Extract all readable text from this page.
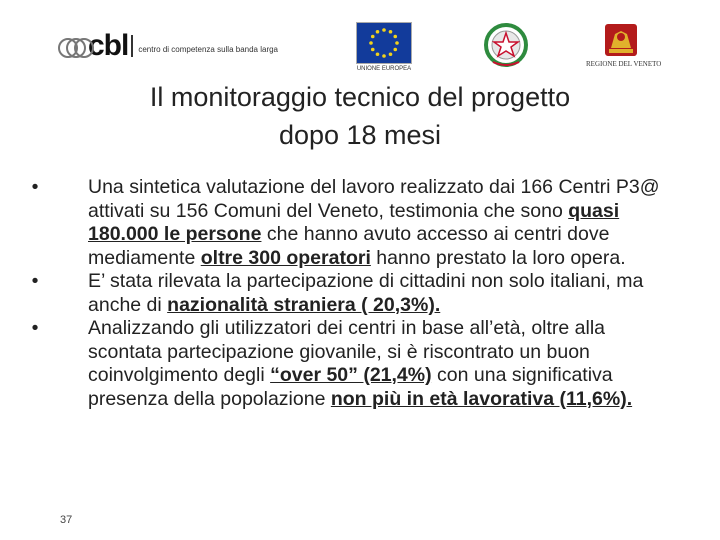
cbl centro di competenza sulla banda larga
UNIONE EUROPEA
REGIONE DEL VENETO
Il monitoraggio tecnico del progetto
dopo 18 mesi
•	Una sintetica valutazione del lavoro realizzato dai 166 Centri P3@ attivati su 156 Comuni del Veneto, testimonia che sono quasi 180.000 le persone che hanno avuto accesso ai centri dove mediamente oltre 300 operatori hanno prestato la loro opera.
•	E’ stata rilevata la partecipazione di cittadini non solo italiani, ma anche di nazionalità straniera ( 20,3%).
•	Analizzando gli utilizzatori dei centri in base all’età, oltre alla scontata partecipazione giovanile, si è riscontrato un buon coinvolgimento degli “over 50” (21,4%) con una significativa presenza della popolazione non più in età lavorativa (11,6%).
37
